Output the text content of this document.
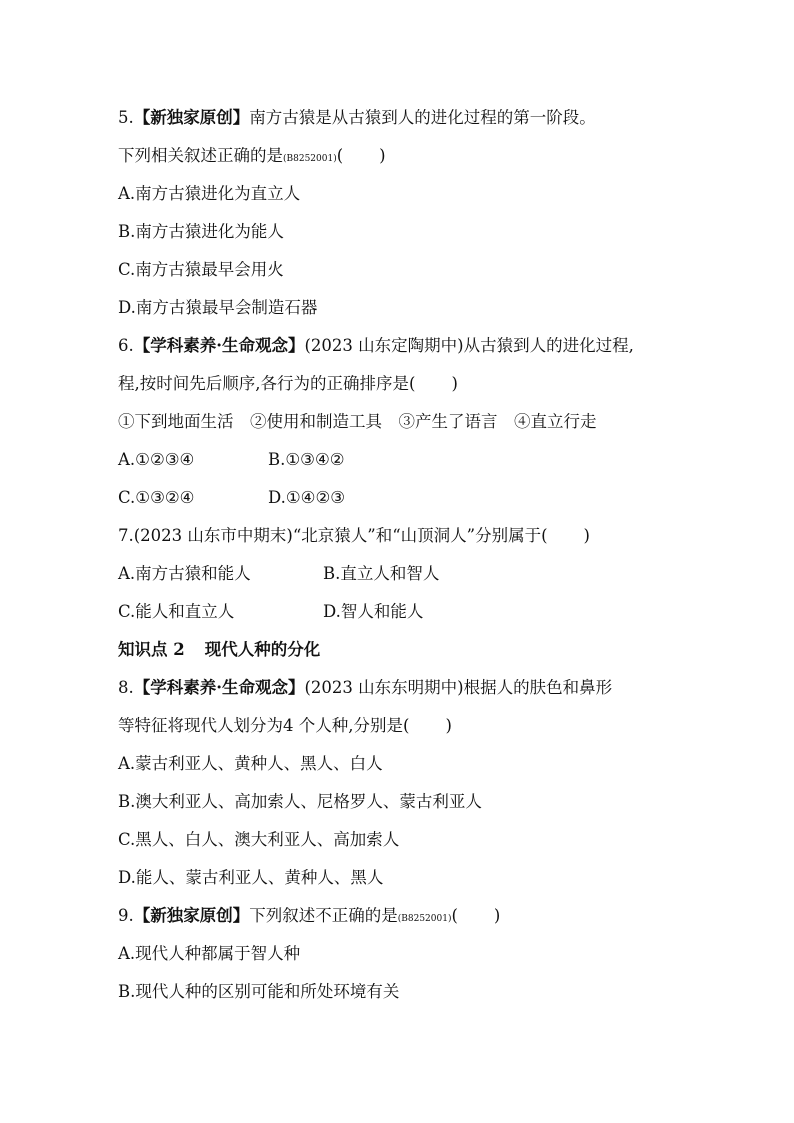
5.【新独家原创】南方古猿是从古猿到人的进化过程的第一阶段。
下列相关叙述正确的是(B8252001)( )
A.南方古猿进化为直立人
B.南方古猿进化为能人
C.南方古猿最早会用火
D.南方古猿最早会制造石器
6.【学科素养·生命观念】(2023 山东定陶期中)从古猿到人的进化过程,
程,按时间先后顺序,各行为的正确排序是( )
①下到地面生活　②使用和制造工具　③产生了语言　④直立行走
A.①②③④	B.①③④②
C.①③②④	D.①④②③
7.(2023 山东市中期末)“北京猿人”和“山顶洞人”分别属于( )
A.南方古猿和能人	B.直立人和智人
C.能人和直立人	D.智人和能人
知识点 2 现代人种的分化
8.【学科素养·生命观念】(2023 山东东明期中)根据人的肤色和鼻形
等特征将现代人划分为4 个人种,分别是( )
A.蒙古利亚人、黄种人、黑人、白人
B.澳大利亚人、高加索人、尼格罗人、蒙古利亚人
C.黑人、白人、澳大利亚人、高加索人
D.能人、蒙古利亚人、黄种人、黑人
9.【新独家原创】下列叙述不正确的是(B8252001)( )
A.现代人种都属于智人种
B.现代人种的区别可能和所处环境有关
